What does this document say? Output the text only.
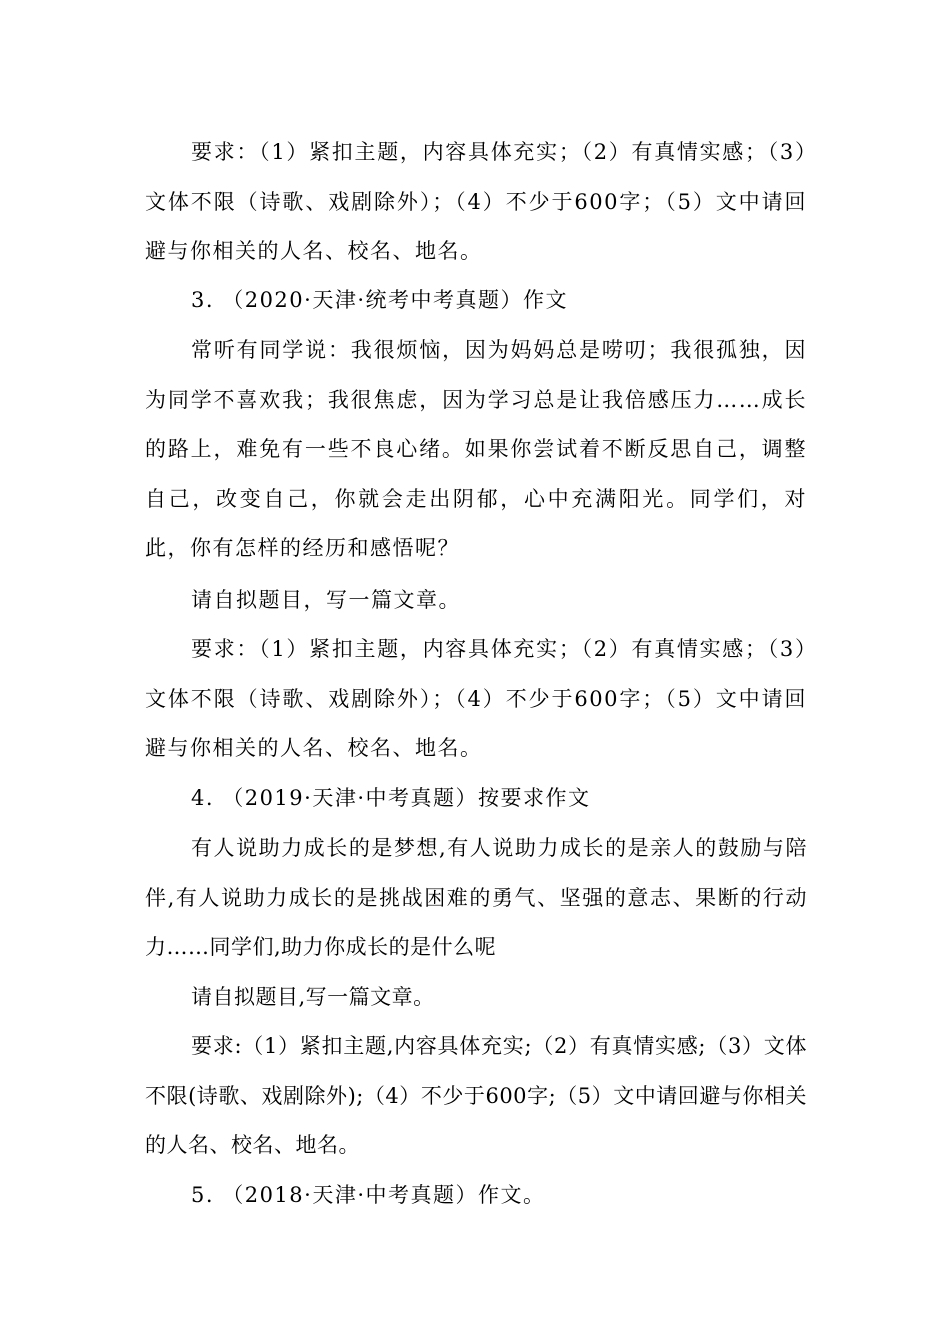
要求：（1）紧扣主题，内容具体充实；（2）有真情实感；（3）文体不限（诗歌、戏剧除外）；（4）不少于600字；（5）文中请回避与你相关的人名、校名、地名。

3. （2020·天津·统考中考真题）作文

常听有同学说：我很烦恼，因为妈妈总是唠叨；我很孤独，因为同学不喜欢我；我很焦虑，因为学习总是让我倍感压力……成长的路上，难免有一些不良心绪。如果你尝试着不断反思自己，调整自己，改变自己，你就会走出阴郁，心中充满阳光。同学们，对此，你有怎样的经历和感悟呢？

请自拟题目，写一篇文章。

要求：（1）紧扣主题，内容具体充实；（2）有真情实感；（3）文体不限（诗歌、戏剧除外）；（4）不少于600字；（5）文中请回避与你相关的人名、校名、地名。

4. （2019·天津·中考真题）按要求作文

有人说助力成长的是梦想,有人说助力成长的是亲人的鼓励与陪伴,有人说助力成长的是挑战困难的勇气、坚强的意志、果断的行动力……同学们,助力你成长的是什么呢

请自拟题目,写一篇文章。

要求:（1）紧扣主题,内容具体充实;（2）有真情实感;（3）文体不限(诗歌、戏剧除外);（4）不少于600字;（5）文中请回避与你相关的人名、校名、地名。

5. （2018·天津·中考真题）作文。
